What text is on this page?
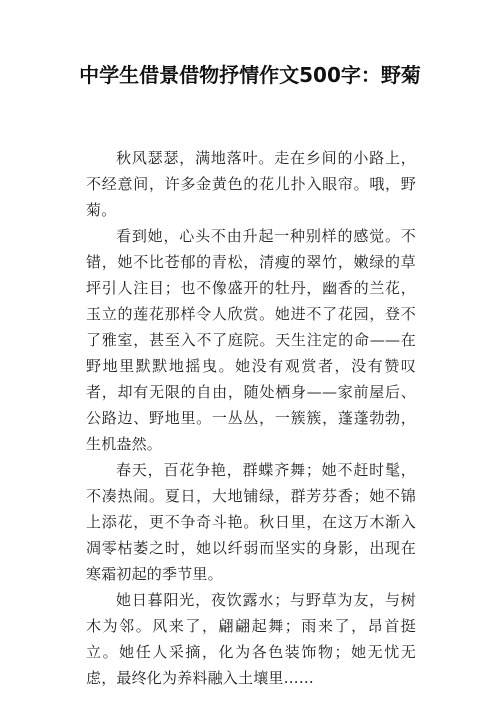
中学生借景借物抒情作文500字：野菊

秋风瑟瑟，满地落叶。走在乡间的小路上，不经意间，许多金黄色的花儿扑入眼帘。哦，野菊。

看到她，心头不由升起一种别样的感觉。不错，她不比苍郁的青松，清瘦的翠竹，嫩绿的草坪引人注目；也不像盛开的牡丹，幽香的兰花，玉立的莲花那样令人欣赏。她进不了花园，登不了雅室，甚至入不了庭院。天生注定的命——在野地里默默地摇曳。她没有观赏者，没有赞叹者，却有无限的自由，随处栖身——家前屋后、公路边、野地里。一丛丛，一簇簇，蓬蓬勃勃，生机盎然。

春天，百花争艳，群蝶齐舞；她不赶时髦，不凑热闹。夏日，大地铺绿，群芳芬香；她不锦上添花，更不争奇斗艳。秋日里，在这万木渐入凋零枯萎之时，她以纤弱而坚实的身影，出现在寒霜初起的季节里。

她日暮阳光，夜饮露水；与野草为友，与树木为邻。风来了，翩翩起舞；雨来了，昂首挺立。她任人采摘，化为各色装饰物；她无忧无虑，最终化为养料融入土壤里……
